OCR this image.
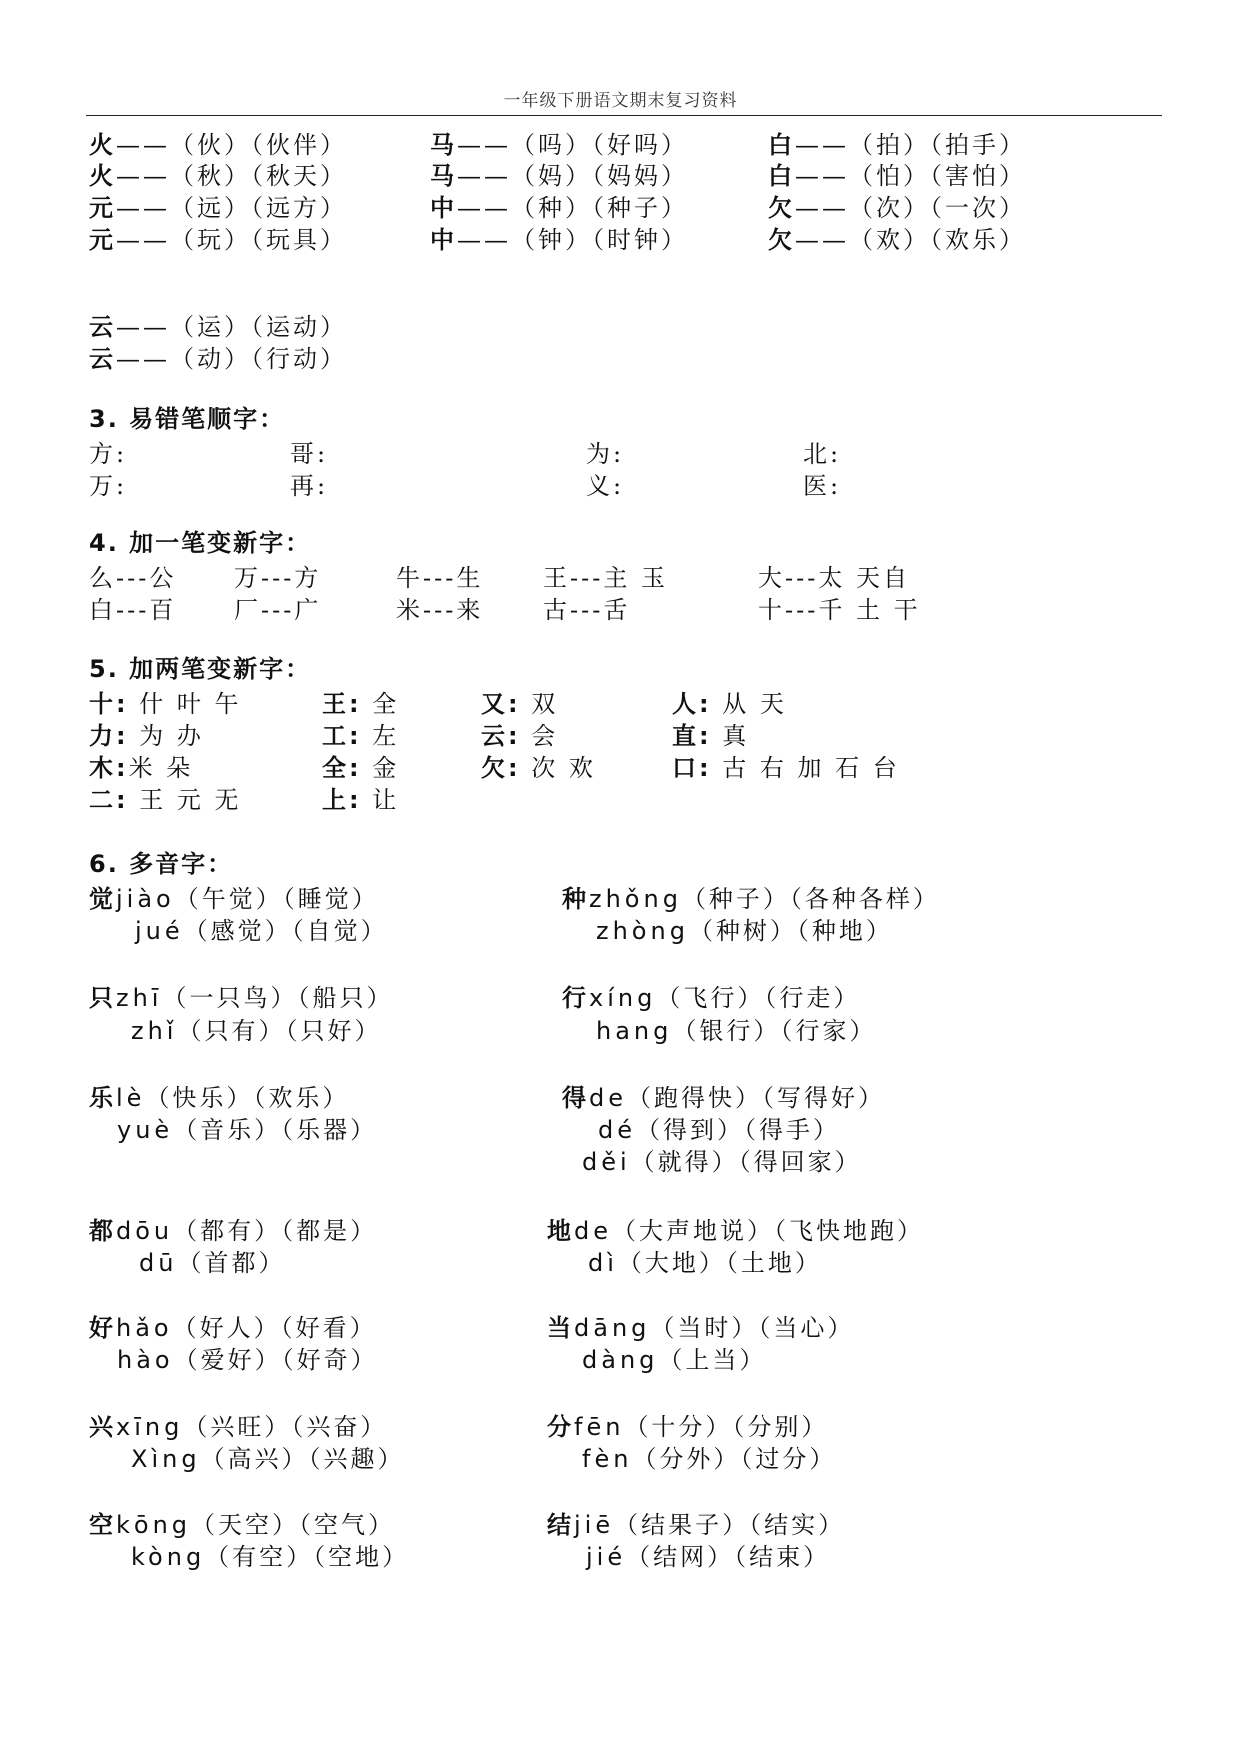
一年级下册语文期末复习资料
火——（伙）（伙伴）	马——（吗）（好吗）	白——（拍）（拍手）
火——（秋）（秋天）	马——（妈）（妈妈）	白——（怕）（害怕）
元——（远）（远方）	中——（种）（种子）	欠——（次）（一次）
元——（玩）（玩具）	中——（钟）（时钟）	欠——（欢）（欢乐）
云——（运）（运动）
云——（动）（行动）
3. 易错笔顺字：
方:	哥:	为:	北:
万:	再:	义:	医:
4. 加一笔变新字：
么---公 万---方	牛---生 王---主 玉	大---太 天自
白---百 厂---广	米---来 古---舌	十---千 土 干
5. 加两笔变新字：
十: 什 叶 午	王: 全	又: 双	人: 从 天
力: 为 办	工: 左	云: 会	直: 真
木:米 朵	全: 金	欠: 次 欢	口: 古 右 加 石 台
二: 王 元 无	上: 让
6. 多音字：
觉jiào（午觉）（睡觉）
jué（感觉）（自觉）
只zhī（一只鸟）（船只）
zhǐ（只有）（只好）
乐lè（快乐）（欢乐）
yuè（音乐）（乐器）
都dōu（都有）（都是）
dū（首都）
好hǎo（好人）（好看）
hào（爱好）（好奇）
兴xīng（兴旺）（兴奋）
Xìng（高兴）（兴趣）
空kōng（天空）（空气）
kòng（有空）（空地）
种zhǒng（种子）（各种各样）
zhòng（种树）（种地）
行xíng（飞行）（行走）
hang（银行）（行家）
得de（跑得快）（写得好）
dé（得到）（得手）
děi（就得）（得回家）
地de（大声地说）（飞快地跑）
dì（大地）（土地）
当dāng（当时）（当心）
dàng（上当）
分fēn（十分）（分别）
fèn（分外）（过分）
结jiē（结果子）（结实）
jié（结网）（结束）
